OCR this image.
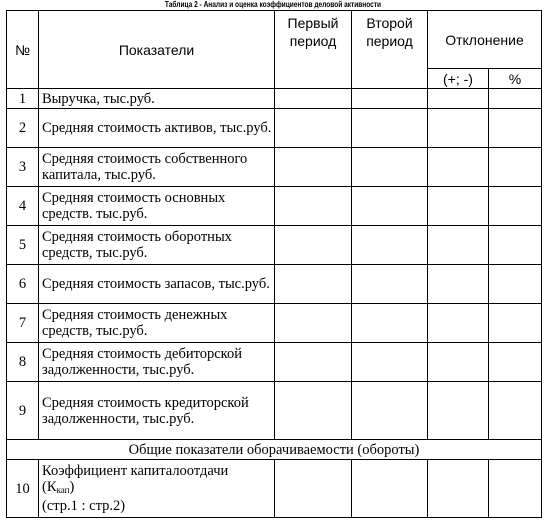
Таблица 2 - Анализ и оценка коэффициентов деловой активности
№	Показатели	Первый период	Второй период	Отклонение	
				(+; -)	%
1	Выручка, тыс.руб.				
2	Средняя стоимость активов, тыс.руб.				
3	Средняя стоимость собственного капитала, тыс.руб.				
4	Средняя стоимость основных средств. тыс.руб.				
5	Средняя стоимость оборотных средств, тыс.руб.				
6	Средняя стоимость запасов, тыс.руб.				
7	Средняя стоимость денежных средств, тыс.руб.				
8	Средняя стоимость дебиторской задолженности, тыс.руб.				
9	Средняя стоимость кредиторской задолженности, тыс.руб.				
Общие показатели оборачиваемости (обороты)					
10	Коэффициент капиталоотдачи
$(К_{кап})$
(стр.1 : стр.2)				
